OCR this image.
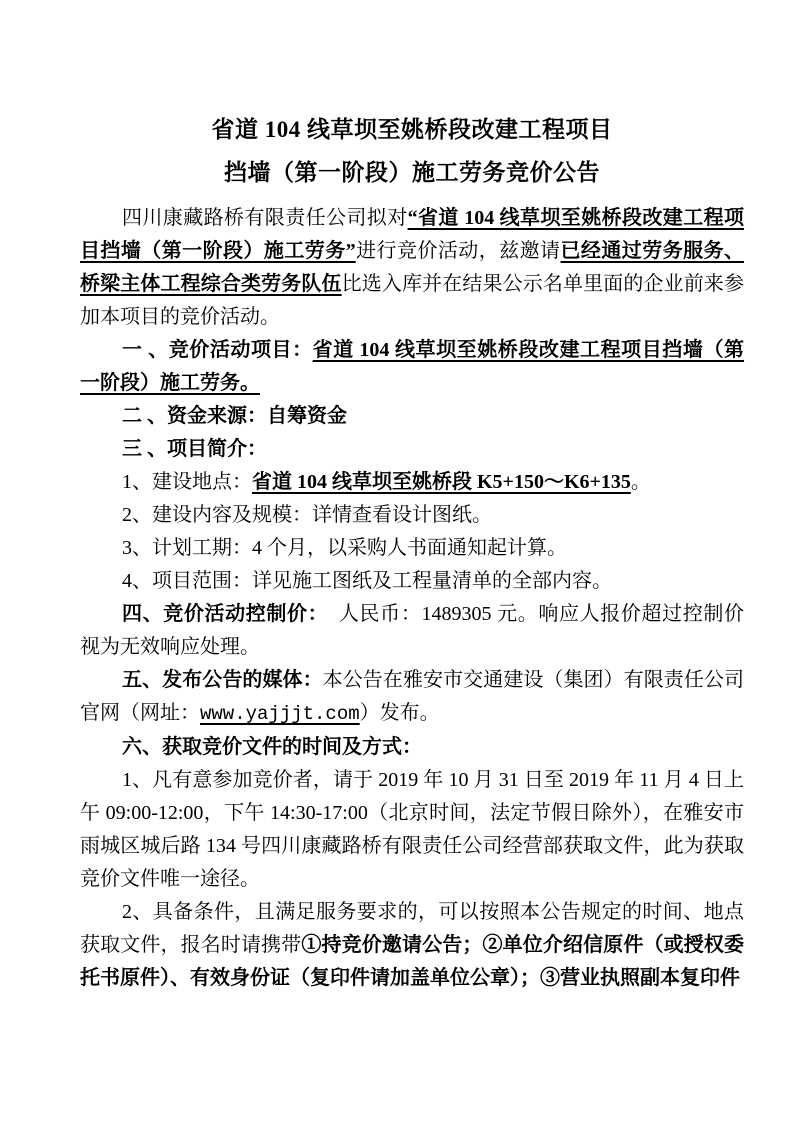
省道 104 线草坝至姚桥段改建工程项目
挡墙（第一阶段）施工劳务竞价公告

四川康藏路桥有限责任公司拟对“省道 104 线草坝至姚桥段改建工程项目挡墙（第一阶段）施工劳务”进行竞价活动，兹邀请已经通过劳务服务、桥梁主体工程综合类劳务队伍比选入库并在结果公示名单里面的企业前来参加本项目的竞价活动。

一 、竞价活动项目：省道 104 线草坝至姚桥段改建工程项目挡墙（第一阶段）施工劳务。

二 、资金来源：自筹资金

三 、项目简介：

1、建设地点：省道 104 线草坝至姚桥段 K5+150～K6+135。

2、建设内容及规模：详情查看设计图纸。

3、计划工期：4 个月，以采购人书面通知起计算。

4、项目范围：详见施工图纸及工程量清单的全部内容。

四、竞价活动控制价：　人民币：1489305 元。响应人报价超过控制价视为无效响应处理。

五、发布公告的媒体：本公告在雅安市交通建设（集团）有限责任公司官网（网址：www.yajjjt.com）发布。

六、获取竞价文件的时间及方式：

1、凡有意参加竞价者，请于 2019 年 10 月 31 日至 2019 年 11 月 4 日上午 09:00-12:00，下午 14:30-17:00（北京时间，法定节假日除外），在雅安市雨城区城后路 134 号四川康藏路桥有限责任公司经营部获取文件，此为获取竞价文件唯一途径。

2、具备条件，且满足服务要求的，可以按照本公告规定的时间、地点获取文件，报名时请携带①持竞价邀请公告；②单位介绍信原件（或授权委托书原件）、有效身份证（复印件请加盖单位公章）；③营业执照副本复印件
